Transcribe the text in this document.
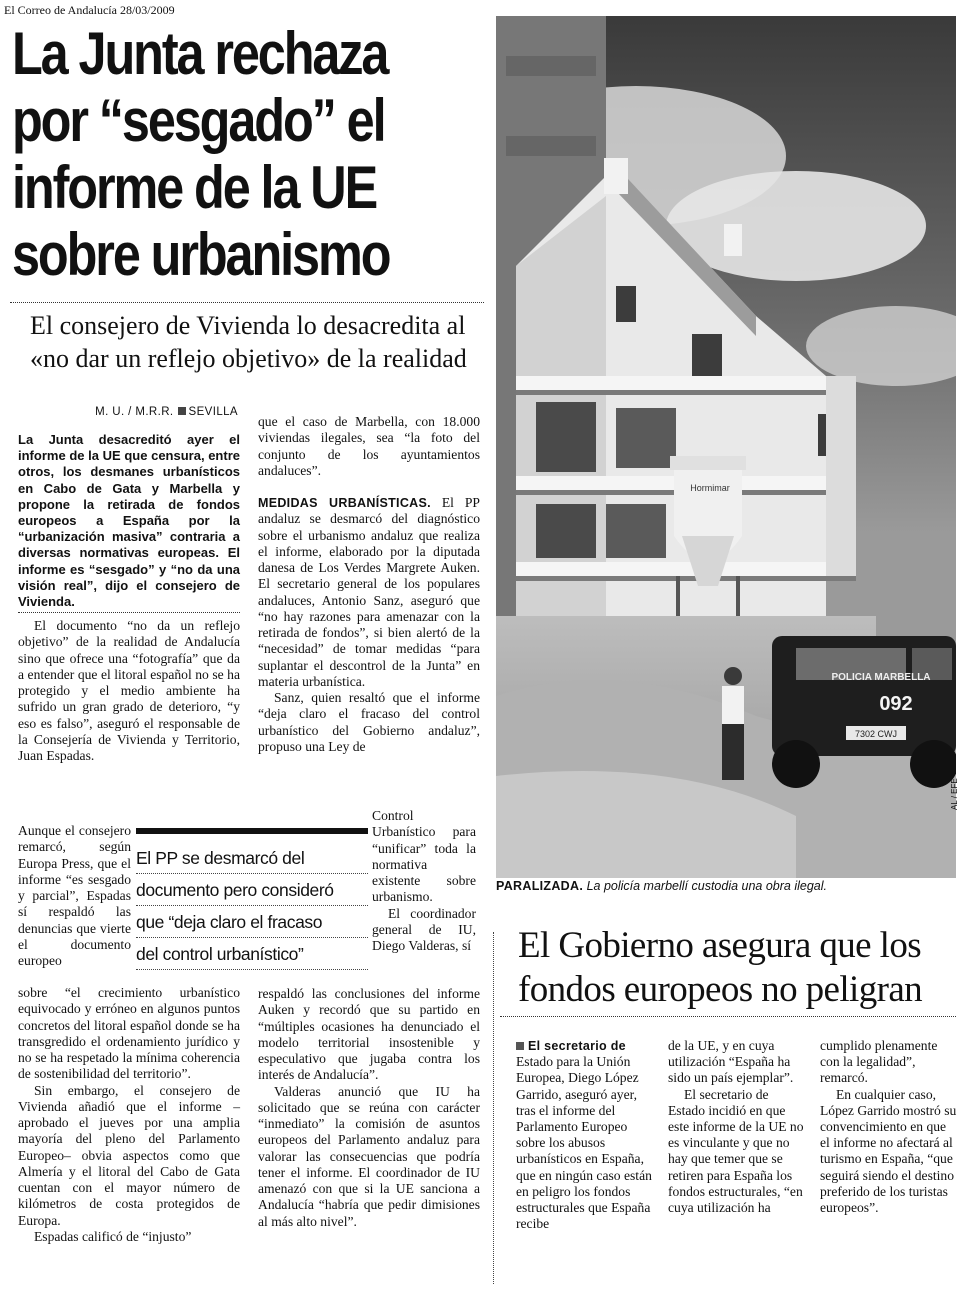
El Correo de Andalucía 28/03/2009
La Junta rechaza
por “sesgado” el
informe de la UE
sobre urbanismo
El consejero de Vivienda lo desacredita al
«no dar un reflejo objetivo» de la realidad
M. U. / M.R.R. SEVILLA
La Junta desacreditó ayer el informe de la UE que censura, entre otros, los desmanes urbanísticos en Cabo de Gata y Marbella y propone la retirada de fondos europeos a España por la “urbanización masiva” contraria a diversas normativas europeas. El informe es “sesgado” y “no da una visión real”, dijo el consejero de Vivienda.

El documento “no da un reflejo objetivo” de la realidad de Andalucía sino que ofrece una “fotografía” que da a entender que el litoral español no se ha protegido y el medio ambiente ha sufrido un gran grado de deterioro, “y eso es falso”, aseguró el responsable de la Consejería de Vivienda y Territorio, Juan Espadas.

Aunque el consejero remarcó, según Europa Press, que el informe “es sesgado y parcial”, Espadas sí respaldó las denuncias que vierte el documento europeo

sobre “el crecimiento urbanístico equivocado y erróneo en algunos puntos concretos del litoral español donde se ha transgredido el ordenamiento jurídico y no se ha respetado la mínima coherencia de sostenibilidad del territorio”.

Sin embargo, el consejero de Vivienda añadió que el informe –aprobado el jueves por una amplia mayoría del pleno del Parlamento Europeo– obvia aspectos como que Almería y el litoral del Cabo de Gata cuentan con el mayor número de kilómetros de costa protegidos de Europa.

Espadas calificó de “injusto”

que el caso de Marbella, con 18.000 viviendas ilegales, sea “la foto del conjunto de los ayuntamientos andaluces”.

MEDIDAS URBANÍSTICAS. El PP andaluz se desmarcó del diagnóstico sobre el urbanismo andaluz que realiza el informe, elaborado por la diputada danesa de Los Verdes Margrete Auken. El secretario general de los populares andaluces, Antonio Sanz, aseguró que “no hay razones para amenazar con la retirada de fondos”, si bien alertó de la “necesidad” de tomar medidas “para suplantar el descontrol de la Junta” en materia urbanística.

Sanz, quien resaltó que el informe “deja claro el fracaso del control urbanístico del Gobierno andaluz”, propuso una Ley de

Control Urbanístico para “unificar” toda la normativa existente sobre urbanismo.

El coordinador general de IU, Diego Valderas, sí

respaldó las conclusiones del informe Auken y recordó que su partido en “múltiples ocasiones ha denunciado el modelo territorial insostenible y especulativo que jugaba contra los interés de Andalucía”.

Valderas anunció que IU ha solicitado que se reúna con carácter “inmediato” la comisión de asuntos europeos del Parlamento andaluz para valorar las consecuencias que podría tener el informe. El coordinador de IU amenazó con que si la UE sanciona a Andalucía “habría que pedir dimisiones al más alto nivel”.

El PP se desmarcó del
documento pero consideró
que “deja claro el fracaso
del control urbanístico”
Hormimar
POLICIA MARBELLA
092
7302 CWJ
AL / EFE
PARALIZADA. La policía marbellí custodia una obra ilegal.
El Gobierno asegura que los
fondos europeos no peligran

El secretario de Estado para la Unión Europea, Diego López Garrido, aseguró ayer, tras el informe del Parlamento Europeo sobre los abusos urbanísticos en España, que en ningún caso están en peligro los fondos estructurales que España recibe

de la UE, y en cuya utilización “España ha sido un país ejemplar”.

El secretario de Estado incidió en que este informe de la UE no es vinculante y que no hay que temer que se retiren para España los fondos estructurales, “en cuya utilización ha

cumplido plenamente con la legalidad”, remarcó.

En cualquier caso, López Garrido mostró su convencimiento en que el informe no afectará al turismo en España, “que seguirá siendo el destino preferido de los turistas europeos”.
